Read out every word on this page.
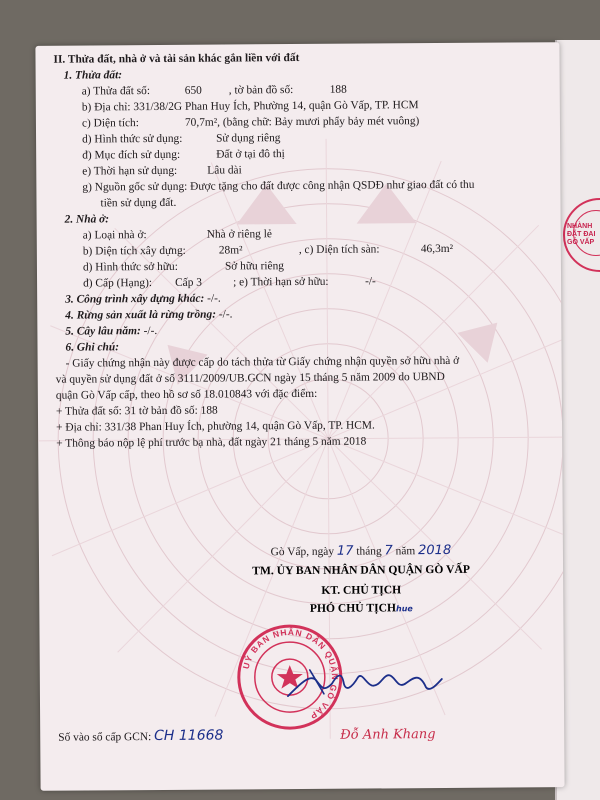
NHÀNH ĐẤT ĐAI GÒ VẤP
II. Thửa đất, nhà ở và tài sản khác gắn liền với đất
1. Thửa đất:
a) Thửa đất số:	650 , tờ bản đồ số:	188
b) Địa chỉ: 331/38/2G Phan Huy Ích, Phường 14, quận Gò Vấp, TP. HCM
c) Diện tích:	70,7m², (bằng chữ: Bảy mươi phẩy bảy mét vuông)
d) Hình thức sử dụng:	Sử dụng riêng
đ) Mục đích sử dụng:	Đất ở tại đô thị
e) Thời hạn sử dụng:	Lâu dài
g) Nguồn gốc sử dụng: Được tặng cho đất được công nhận QSDĐ như giao đất có thu
tiền sử dụng đất.
2. Nhà ở:
a) Loại nhà ở:	Nhà ở riêng lẻ
b) Diện tích xây dựng:	28m²	, c) Diện tích sàn:	46,3m²
d) Hình thức sở hữu:	Sở hữu riêng
đ) Cấp (Hạng): Cấp 3	; e) Thời hạn sở hữu:	-/-
3. Công trình xây dựng khác: -/-.
4. Rừng sản xuất là rừng trồng: -/-.
5. Cây lâu năm: -/-.
6. Ghi chú:
- Giấy chứng nhận này được cấp do tách thửa từ Giấy chứng nhận quyền sở hữu nhà ở
và quyền sử dụng đất ở số 3111/2009/UB.GCN ngày 15 tháng 5 năm 2009 do UBND
quận Gò Vấp cấp, theo hồ sơ số 18.010843 với đặc điểm:
+ Thửa đất số: 31 tờ bản đồ số: 188
+ Địa chỉ: 331/38 Phan Huy Ích, phường 14, quận Gò Vấp, TP. HCM.
+ Thông báo nộp lệ phí trước bạ nhà, đất ngày 21 tháng 5 năm 2018
Gò Vấp, ngày 17 tháng 7 năm 2018
TM. ỦY BAN NHÂN DÂN QUẬN GÒ VẤP
KT. CHỦ TỊCH
PHÓ CHỦ TỊCHhue
UỶ BAN NHÂN DÂN QUẬN GÒ VẤP
Số vào sổ cấp GCN: CH 11668	Đỗ Anh Khang
